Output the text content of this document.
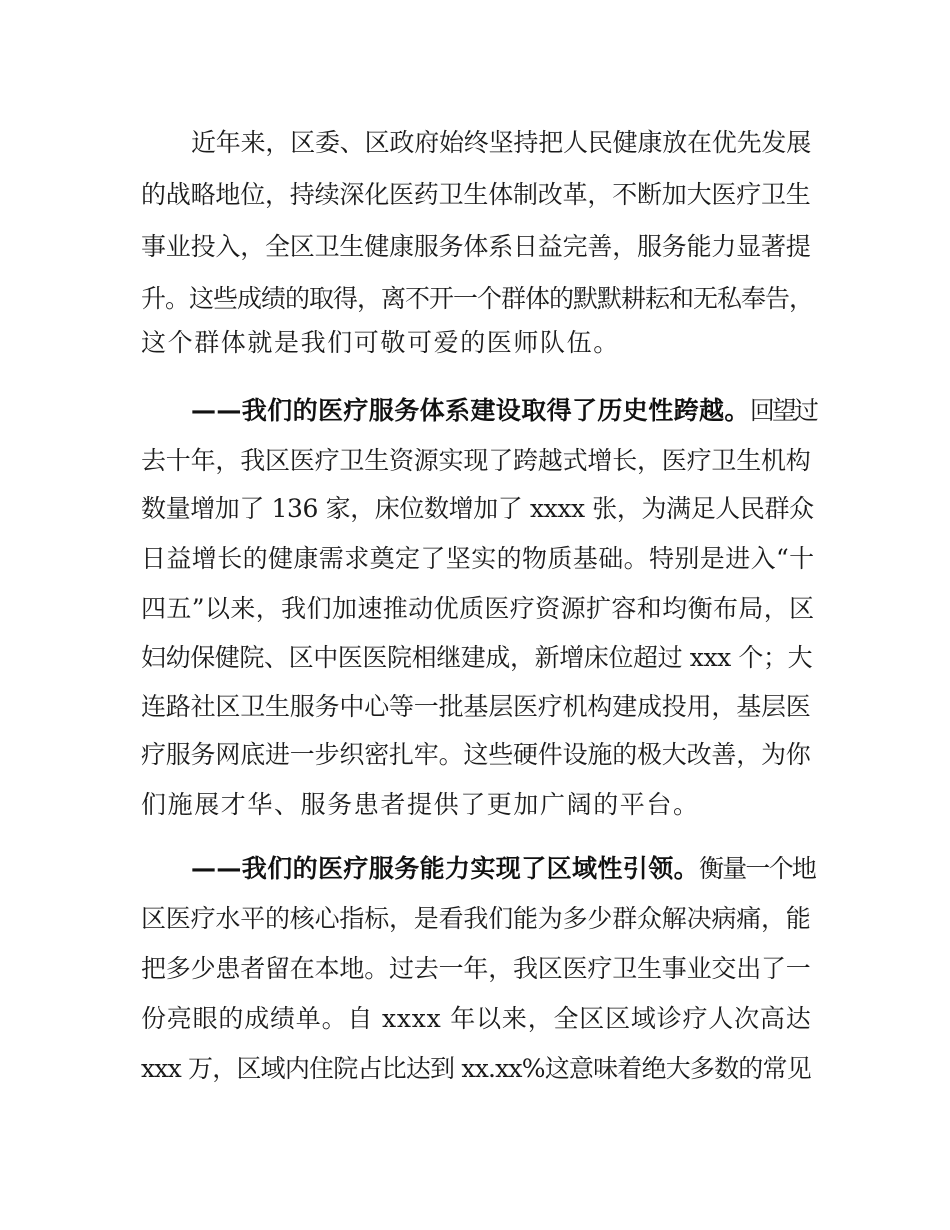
近年来，区委、区政府始终坚持把人民健康放在优先发展
的战略地位，持续深化医药卫生体制改革，不断加大医疗卫生
事业投入，全区卫生健康服务体系日益完善，服务能力显著提
升。这些成绩的取得，离不开一个群体的默默耕耘和无私奉告，
这个群体就是我们可敬可爱的医师队伍。
——我们的医疗服务体系建设取得了历史性跨越。回望过
去十年，我区医疗卫生资源实现了跨越式增长，医疗卫生机构
数量增加了 136 家，床位数增加了 xxxx 张，为满足人民群众
日益增长的健康需求奠定了坚实的物质基础。特别是进入“十
四五”以来，我们加速推动优质医疗资源扩容和均衡布局，区
妇幼保健院、区中医医院相继建成，新增床位超过 xxx 个；大
连路社区卫生服务中心等一批基层医疗机构建成投用，基层医
疗服务网底进一步织密扎牢。这些硬件设施的极大改善，为你
们施展才华、服务患者提供了更加广阔的平台。
——我们的医疗服务能力实现了区域性引领。衡量一个地
区医疗水平的核心指标，是看我们能为多少群众解决病痛，能
把多少患者留在本地。过去一年，我区医疗卫生事业交出了一
份亮眼的成绩单。自 xxxx 年以来，全区区域诊疗人次高达
xxx 万，区域内住院占比达到 xx.xx%这意味着绝大多数的常见
